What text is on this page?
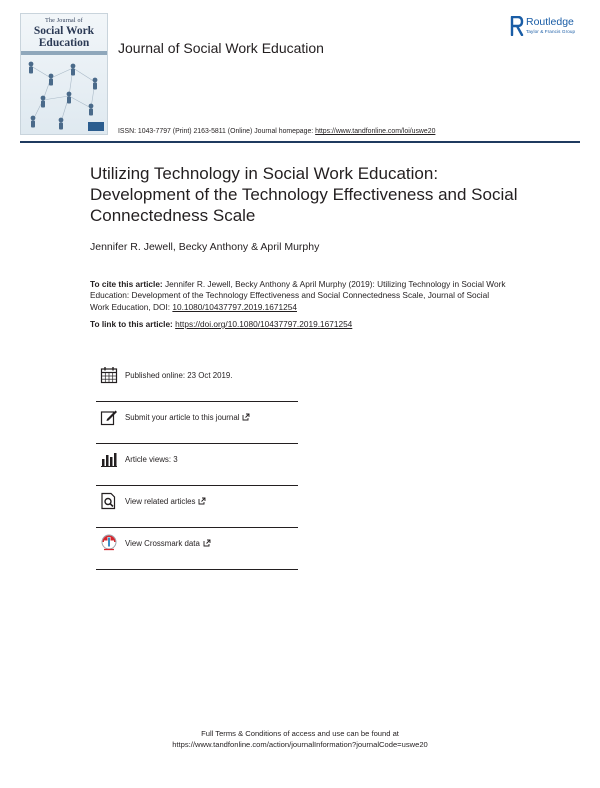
The Journal of
Social Work
Education	Journal of Social Work Education
Routledge
Taylor & Francis Group
ISSN: 1043-7797 (Print) 2163-5811 (Online) Journal homepage: https://www.tandfonline.com/loi/uswe20
Utilizing Technology in Social Work Education: Development of the Technology Effectiveness and Social Connectedness Scale
Jennifer R. Jewell, Becky Anthony & April Murphy

To cite this article: Jennifer R. Jewell, Becky Anthony & April Murphy (2019): Utilizing Technology in Social Work Education: Development of the Technology Effectiveness and Social Connectedness Scale, Journal of Social Work Education, DOI: 10.1080/10437797.2019.1671254

To link to this article: https://doi.org/10.1080/10437797.2019.1671254

Published online: 23 Oct 2019.
Submit your article to this journal
Article views: 3
View related articles
View Crossmark data
Full Terms & Conditions of access and use can be found at
https://www.tandfonline.com/action/journalInformation?journalCode=uswe20
